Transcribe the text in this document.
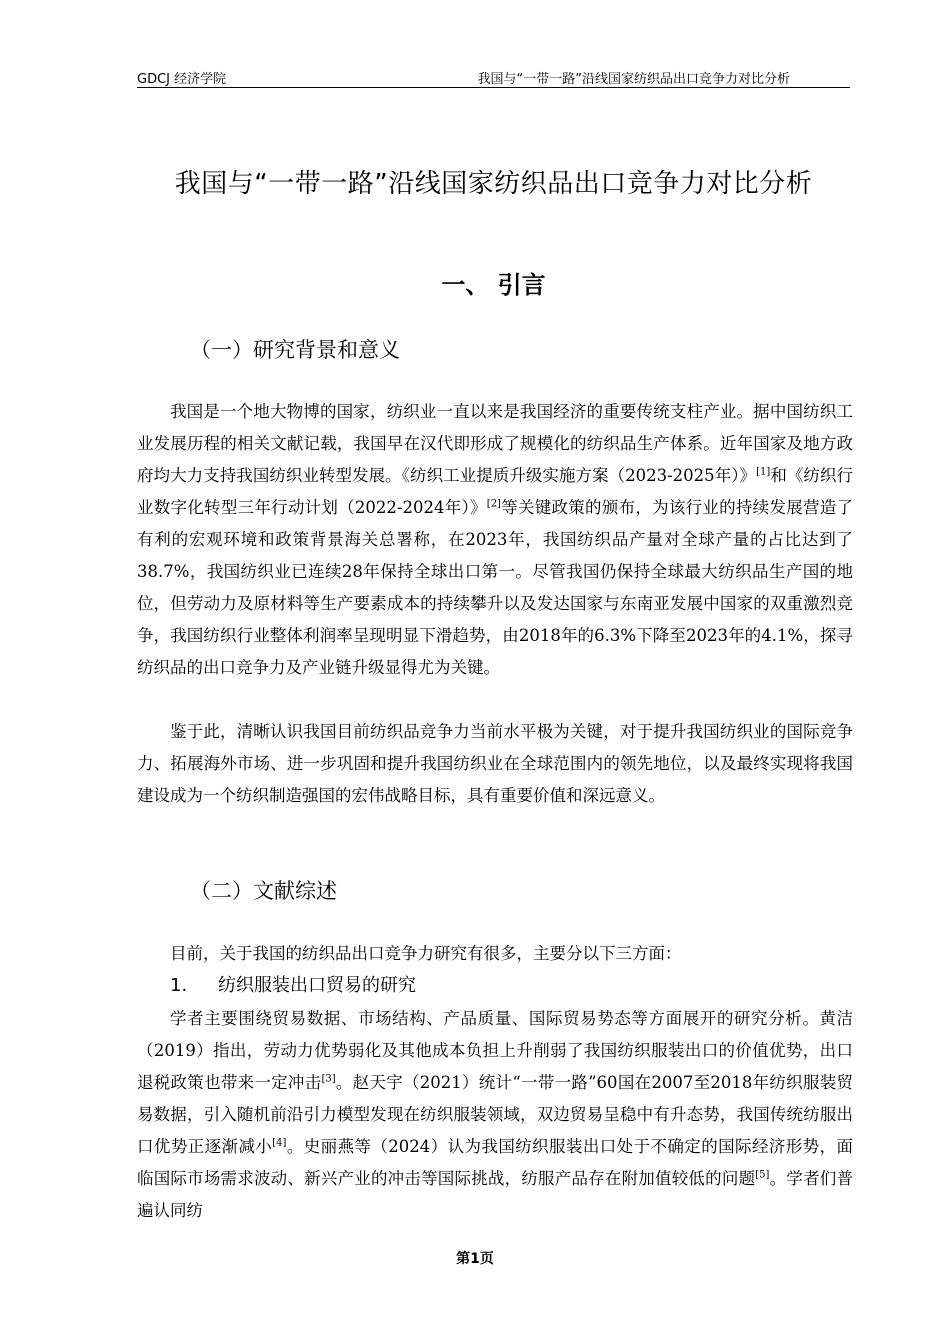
GDCJ 经济学院	我国与“一带一路”沿线国家纺织品出口竞争力对比分析
我国与“一带一路”沿线国家纺织品出口竞争力对比分析
一、 引言
（一）研究背景和意义
我国是一个地大物博的国家，纺织业一直以来是我国经济的重要传统支柱产业。据中国纺织工业发展历程的相关文献记载，我国早在汉代即形成了规模化的纺织品生产体系。近年国家及地方政府均大力支持我国纺织业转型发展。《纺织工业提质升级实施方案（2023-2025年）》[1]和《纺织行业数字化转型三年行动计划（2022-2024年）》[2]等关键政策的颁布，为该行业的持续发展营造了有利的宏观环境和政策背景海关总署称，在2023年，我国纺织品产量对全球产量的占比达到了38.7%，我国纺织业已连续28年保持全球出口第一。尽管我国仍保持全球最大纺织品生产国的地位，但劳动力及原材料等生产要素成本的持续攀升以及发达国家与东南亚发展中国家的双重激烈竞争，我国纺织行业整体利润率呈现明显下滑趋势，由2018年的6.3%下降至2023年的4.1%，探寻纺织品的出口竞争力及产业链升级显得尤为关键。
鉴于此，清晰认识我国目前纺织品竞争力当前水平极为关键，对于提升我国纺织业的国际竞争力、拓展海外市场、进一步巩固和提升我国纺织业在全球范围内的领先地位，以及最终实现将我国建设成为一个纺织制造强国的宏伟战略目标，具有重要价值和深远意义。
（二）文献综述
目前，关于我国的纺织品出口竞争力研究有很多，主要分以下三方面：
1. 纺织服装出口贸易的研究
学者主要围绕贸易数据、市场结构、产品质量、国际贸易势态等方面展开的研究分析。黄洁（2019）指出，劳动力优势弱化及其他成本负担上升削弱了我国纺织服装出口的价值优势，出口退税政策也带来一定冲击[3]。赵天宇（2021）统计“一带一路”60国在2007至2018年纺织服装贸易数据，引入随机前沿引力模型发现在纺织服装领域，双边贸易呈稳中有升态势，我国传统纺服出口优势正逐渐减小[4]。史丽燕等（2024）认为我国纺织服装出口处于不确定的国际经济形势，面临国际市场需求波动、新兴产业的冲击等国际挑战，纺服产品存在附加值较低的问题[5]。学者们普遍认同纺
第1页
